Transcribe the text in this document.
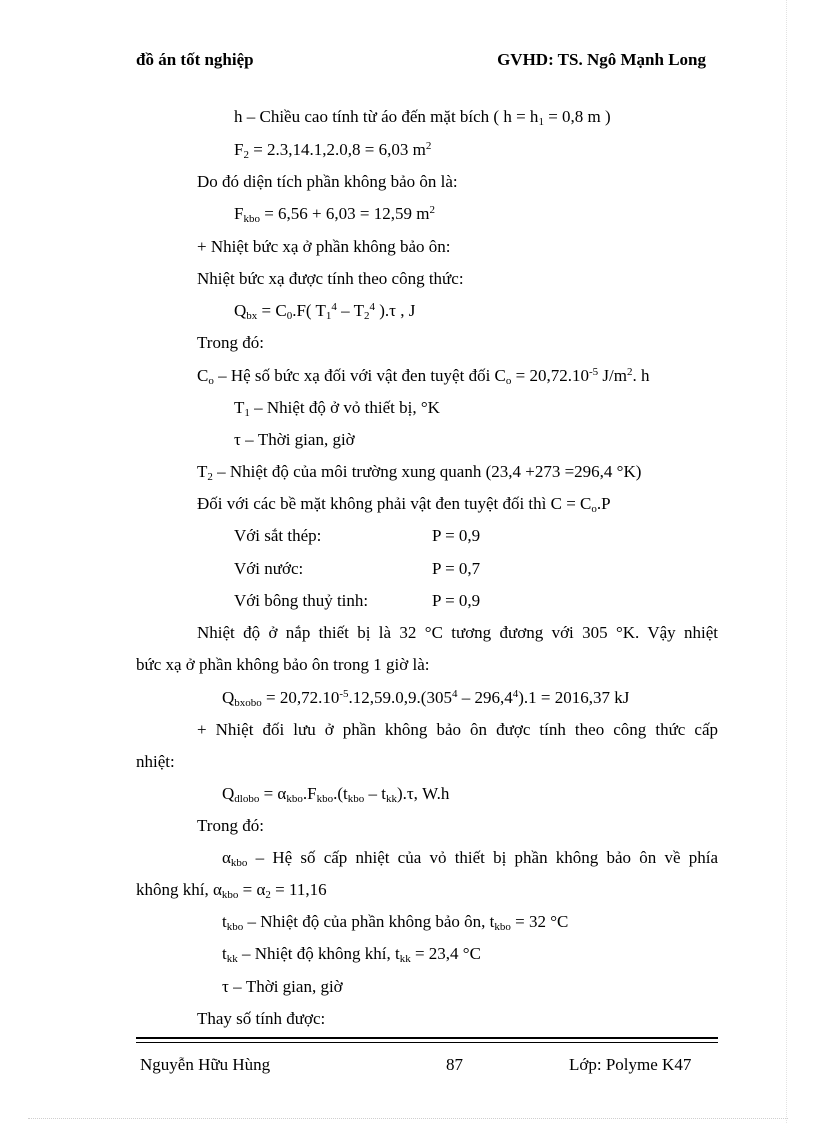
đồ án tốt nghiệp	GVHD: TS. Ngô Mạnh Long
h – Chiều cao tính từ áo đến mặt bích ( $h = h_1 = 0,8$ m )
$F_2 = 2.3,14.1,2.0,8 = 6,03$ $m^2$
Do đó diện tích phần không bảo ôn là:
$F_{kbo} = 6,56 + 6,03 = 12,59$ $m^2$
+ Nhiệt bức xạ ở phần không bảo ôn:
Nhiệt bức xạ được tính theo công thức:
$Q_{bx} = C_0.F$( $T_1^4 - T_2^4$ ).τ , J
Trong đó:
$C_o$ – Hệ số bức xạ đối với vật đen tuyệt đối $C_o = 20,72.10^{-5}$ $J/m^2$. h
$T_1$ – Nhiệt độ ở vỏ thiết bị, °K
τ – Thời gian, giờ
$T_2$ – Nhiệt độ của môi trường xung quanh (23,4 +273 =296,4 °K)
Đối với các bề mặt không phải vật đen tuyệt đối thì $C = C_o.P$
Với sắt thép:	P = 0,9
Với nước:	P = 0,7
Với bông thuỷ tinh:	P = 0,9
Nhiệt độ ở nắp thiết bị là 32 °C tương đương với 305 °K. Vậy nhiệt
bức xạ ở phần không bảo ôn trong 1 giờ là:
$Q_{bxobo} = 20,72.10^{-5}.12,59.0,9.(305^4 - 296,4^4).1 = 2016,37$ kJ
+ Nhiệt đối lưu ở phần không bảo ôn được tính theo công thức cấp
nhiệt:
$Q_{dlobo} = \alpha_{kbo}.F_{kbo}.(t_{kbo} - t_{kk}).\tau$, W.h
Trong đó:
$\alpha_{kbo}$ – Hệ số cấp nhiệt của vỏ thiết bị phần không bảo ôn về phía
không khí, $\alpha_{kbo} = \alpha_2 = 11,16$
$t_{kbo}$ – Nhiệt độ của phần không bảo ôn, $t_{kbo} = 32$ °C
$t_{kk}$ – Nhiệt độ không khí, $t_{kk} = 23,4$ °C
τ – Thời gian, giờ
Thay số tính được:
Nguyễn Hữu Hùng	87	Lớp: Polyme K47
